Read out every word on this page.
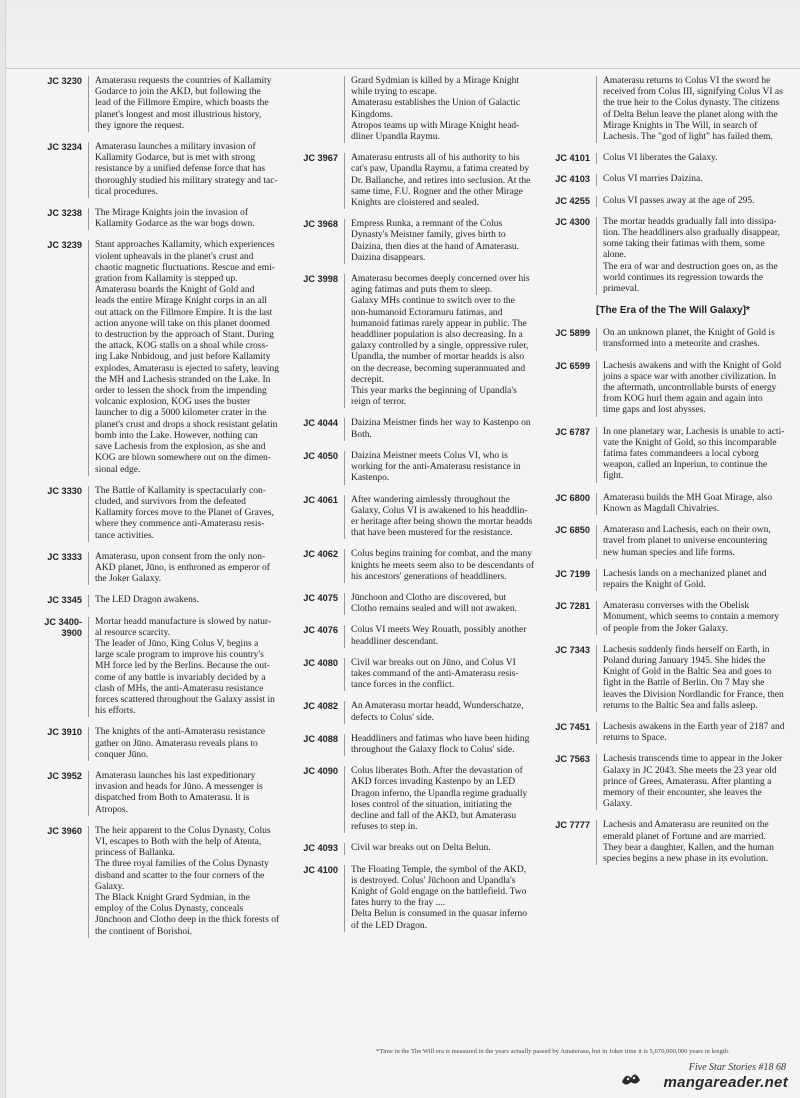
JC 3230	Amaterasu requests the countries of Kallamity

Godarce to join the AKD, but following the

lead of the Fillmore Empire, which boasts the

planet's longest and most illustrious history,

they ignore the request.

JC 3234	Amaterasu launches a military invasion of

Kallamity Godarce, but is met with strong

resistance by a unified defense force that has

thoroughly studied his military strategy and tac-

tical procedures.

JC 3238	The Mirage Knights join the invasion of

Kallamity Godarce as the war bogs down.

JC 3239	Stant approaches Kallamity, which experiences

violent upheavals in the planet's crust and

chaotic magnetic fluctuations. Rescue and emi-

gration from Kallamity is stepped up.

Amaterasu boards the Knight of Gold and

leads the entire Mirage Knight corps in an all

out attack on the Fillmore Empire. It is the last

action anyone will take on this planet doomed

to destruction by the approach of Stant. During

the attack, KOG stalls on a shoal while cross-

ing Lake Nnbidoug, and just before Kallamity

explodes, Amaterasu is ejected to safety, leaving

the MH and Lachesis stranded on the Lake. In

order to lessen the shock from the impending

volcanic explosion, KOG uses the buster

launcher to dig a 5000 kilometer crater in the

planet's crust and drops a shock resistant gelatin

bomb into the Lake. However, nothing can

save Lachesis from the explosion, as she and

KOG are blown somewhere out on the dimen-

sional edge.

JC 3330	The Battle of Kallamity is spectacularly con-

cluded, and survivors from the defeated

Kallamity forces move to the Planet of Graves,

where they commence anti-Amaterasu resis-

tance activities.

JC 3333	Amaterasu, upon consent from the only non-

AKD planet, Jūno, is enthroned as emperor of

the Joker Galaxy.

JC 3345	The LED Dragon awakens.

JC 3400-
3900

Mortar headd manufacture is slowed by natur-

al resource scarcity.

The leader of Jūno, King Colus V, begins a

large scale program to improve his country's

MH force led by the Berlins. Because the out-

come of any battle is invariably decided by a

clash of MHs, the anti-Amaterasu resistance

forces scattered throughout the Galaxy assist in

his efforts.

JC 3910	The knights of the anti-Amaterasu resistance

gather on Jūno. Amaterasu reveals plans to

conquer Jūno.

JC 3952	Amaterasu launches his last expeditionary

invasion and heads for Jūno. A messenger is

dispatched from Both to Amaterasu. It is

Atropos.

JC 3960	The heir apparent to the Colus Dynasty, Colus

VI, escapes to Both with the help of Atenta,

princess of Ballanka.

The three royal families of the Colus Dynasty

disband and scatter to the four corners of the

Galaxy.

The Black Knight Grard Sydmian, in the

employ of the Colus Dynasty, conceals

Jūnchoon and Clotho deep in the thick forests of

the continent of Borishoi.

Grard Sydmian is killed by a Mirage Knight

while trying to escape.

Amaterasu establishes the Union of Galactic

Kingdoms.

Atropos teams up with Mirage Knight head-

dliner Upandla Raymu.

JC 3967	Amaterasu entrusts all of his authority to his

cat's paw, Upandla Raymu, a fatima created by

Dr. Ballanche, and retires into seclusion. At the

same time, F.U. Rogner and the other Mirage

Knights are cloistered and sealed.

JC 3968	Empress Runka, a remnant of the Colus

Dynasty's Meistner family, gives birth to

Daizina, then dies at the hand of Amaterasu.

Daizina disappears.

JC 3998	Amaterasu becomes deeply concerned over his

aging fatimas and puts them to sleep.

Galaxy MHs continue to switch over to the

non-humanoid Ectoramuru fatimas, and

humanoid fatimas rarely appear in public. The

headdliner population is also decreasing. In a

galaxy controlled by a single, oppressive ruler,

Upandla, the number of mortar headds is also

on the decrease, becoming superannuated and

decrepit.

This year marks the beginning of Upandla's

reign of terror.

JC 4044	Daizina Meistner finds her way to Kastenpo on

Both.

JC 4050	Daizina Meistner meets Colus VI, who is

working for the anti-Amaterasu resistance in

Kastenpo.

JC 4061	After wandering aimlessly throughout the

Galaxy, Colus VI is awakened to his headdlin-

er heritage after being shown the mortar headds

that have been mustered for the resistance.

JC 4062	Colus begins training for combat, and the many

knights he meets seem also to be descendants of

his ancestors' generations of headdliners.

JC 4075	Jūnchoon and Clotho are discovered, but

Clotho remains sealed and will not awaken.

JC 4076	Colus VI meets Wey Rouath, possibly another

headdliner descendant.

JC 4080	Civil war breaks out on Jūno, and Colus VI

takes command of the anti-Amaterasu resis-

tance forces in the conflict.

JC 4082	An Amaterasu mortar headd, Wunderschatze,

defects to Colus' side.

JC 4088	Headdliners and fatimas who have been hiding

throughout the Galaxy flock to Colus' side.

JC 4090	Colus liberates Both. After the devastation of

AKD forces invading Kastenpo by an LED

Dragon inferno, the Upandla regime gradually

loses control of the situation, initiating the

decline and fall of the AKD, but Amaterasu

refuses to step in.

JC 4093	Civil war breaks out on Delta Belun.

JC 4100	The Floating Temple, the symbol of the AKD,

is destroyed. Colus' Jūchoon and Upandla's

Knight of Gold engage on the battlefield. Two

fates hurry to the fray ....

Delta Belun is consumed in the quasar inferno

of the LED Dragon.

Amaterasu returns to Colus VI the sword he

received from Colus III, signifying Colus VI as

the true heir to the Colus dynasty. The citizens

of Delta Belun leave the planet along with the

Mirage Knights in The Will, in search of

Lachesis. The "god of light" has failed them.

JC 4101	Colus VI liberates the Galaxy.

JC 4103	Colus VI marries Daizina.

JC 4255	Colus VI passes away at the age of 295.

JC 4300	The mortar headds gradually fall into dissipa-

tion. The headdliners also gradually disappear,

some taking their fatimas with them, some

alone.

The era of war and destruction goes on, as the

world continues its regression towards the

primeval.

[The Era of the The Will Galaxy]*
JC 5899	On an unknown planet, the Knight of Gold is

transformed into a meteorite and crashes.

JC 6599	Lachesis awakens and with the Knight of Gold

joins a space war with another civilization. In

the aftermath, uncontrollable bursts of energy

from KOG hurl them again and again into

time gaps and lost abysses.

JC 6787	In one planetary war, Lachesis is unable to acti-

vate the Knight of Gold, so this incomparable

fatima fates commandeers a local cyborg

weapon, called an Inperiun, to continue the

fight.

JC 6800	Amaterasu builds the MH Goat Mirage, also

Known as Magdall Chivalries.

JC 6850	Amaterasu and Lachesis, each on their own,

travel from planet to universe encountering

new human species and life forms.

JC 7199	Lachesis lands on a mechanized planet and

repairs the Knight of Gold.

JC 7281	Amaterasu converses with the Obelisk

Monument, which seems to contain a memory

of people from the Joker Galaxy.

JC 7343	Lachesis suddenly finds herself on Earth, in

Poland during January 1945. She hides the

Knight of Gold in the Baltic Sea and goes to

fight in the Battle of Berlin. On 7 May she

leaves the Division Nordlandic for France, then

returns to the Baltic Sea and falls asleep.

JC 7451	Lachesis awakens in the Earth year of 2187 and

returns to Space.

JC 7563	Lachesis transcends time to appear in the Joker

Galaxy in JC 2043. She meets the 23 year old

prince of Grees, Amaterasu. After planting a

memory of their encounter, she leaves the

Galaxy.

JC 7777	Lachesis and Amaterasu are reunited on the

emerald planet of Fortune and are married.

They bear a daughter, Kallen, and the human

species begins a new phase in its evolution.

*Time in the The Will era is measured in the years actually passed by Amaterasu, but in Joker time it is 5,670,000,000 years in length.
Five Star Stories #18 68
mangareader.net
